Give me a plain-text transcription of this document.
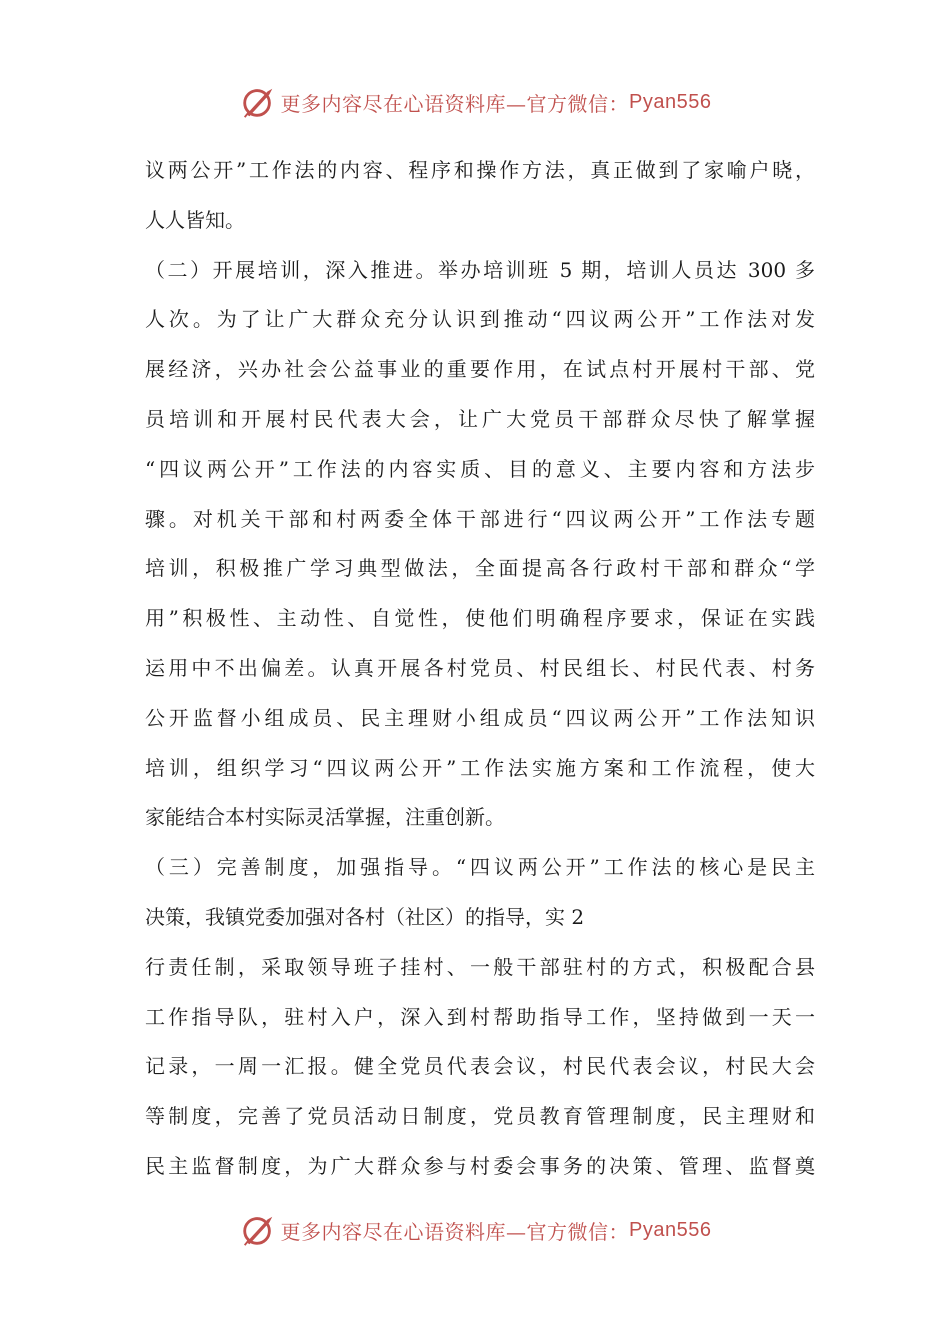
更多内容尽在心语资料库—官方微信： Pyan556
议两公开”工作法的内容、程序和操作方法，真正做到了家喻户晓，
人人皆知。
（二）开展培训，深入推进。举办培训班 5 期，培训人员达 300 多
人次。为了让广大群众充分认识到推动“四议两公开”工作法对发
展经济，兴办社会公益事业的重要作用，在试点村开展村干部、党
员培训和开展村民代表大会，让广大党员干部群众尽快了解掌握
“四议两公开”工作法的内容实质、目的意义、主要内容和方法步
骤。对机关干部和村两委全体干部进行“四议两公开”工作法专题
培训，积极推广学习典型做法，全面提高各行政村干部和群众“学
用”积极性、主动性、自觉性，使他们明确程序要求，保证在实践
运用中不出偏差。认真开展各村党员、村民组长、村民代表、村务
公开监督小组成员、民主理财小组成员“四议两公开”工作法知识
培训，组织学习“四议两公开”工作法实施方案和工作流程，使大
家能结合本村实际灵活掌握，注重创新。
（三）完善制度，加强指导。“四议两公开”工作法的核心是民主
决策，我镇党委加强对各村（社区）的指导，实 2
行责任制，采取领导班子挂村、一般干部驻村的方式，积极配合县
工作指导队，驻村入户，深入到村帮助指导工作，坚持做到一天一
记录，一周一汇报。健全党员代表会议，村民代表会议，村民大会
等制度，完善了党员活动日制度，党员教育管理制度，民主理财和
民主监督制度，为广大群众参与村委会事务的决策、管理、监督奠
更多内容尽在心语资料库—官方微信： Pyan556
